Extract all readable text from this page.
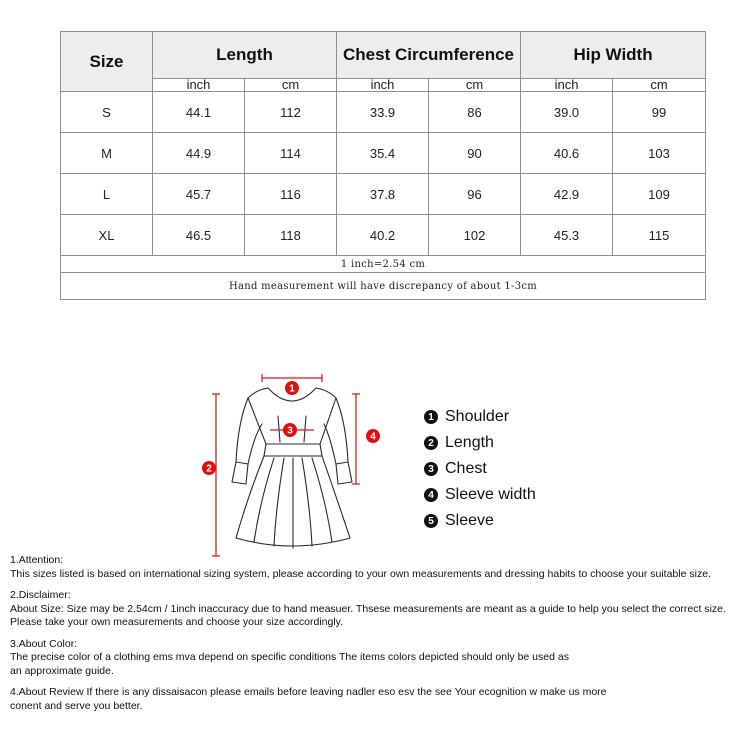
Size	Length		Chest Circumference		Hip Width	
	inch	cm	inch	cm	inch	cm
S	44.1	112	33.9	86	39.0	99
M	44.9	114	35.4	90	40.6	103
L	45.7	116	37.8	96	42.9	109
XL	46.5	118	40.2	102	45.3	115
1 inch=2.54 cm						
Hand measurement will have discrepancy of about 1-3cm						
1
2
3
4
1 Shoulder
2 Length
3 Chest
4 Sleeve width
5 Sleeve

1.Attention:

This sizes listed is based on international sizing system, please according to your own measurements and dressing habits to choose your suitable size.

2.Disclaimer:

About Size: Size may be 2.54cm / 1inch inaccuracy due to hand measuer. Thsese measurements are meant as a guide to help you select the correct size.

Please take your own measurements and choose your size accordingly.

3.About Color:

The precise color of a clothing ems mva depend on specific conditions The items colors depicted should only be used as

an approximate guide.

4.About Review If there is any dissaisacon please emails before leaving nadler eso esv the see Your ecognition w make us more

conent and serve you better.
